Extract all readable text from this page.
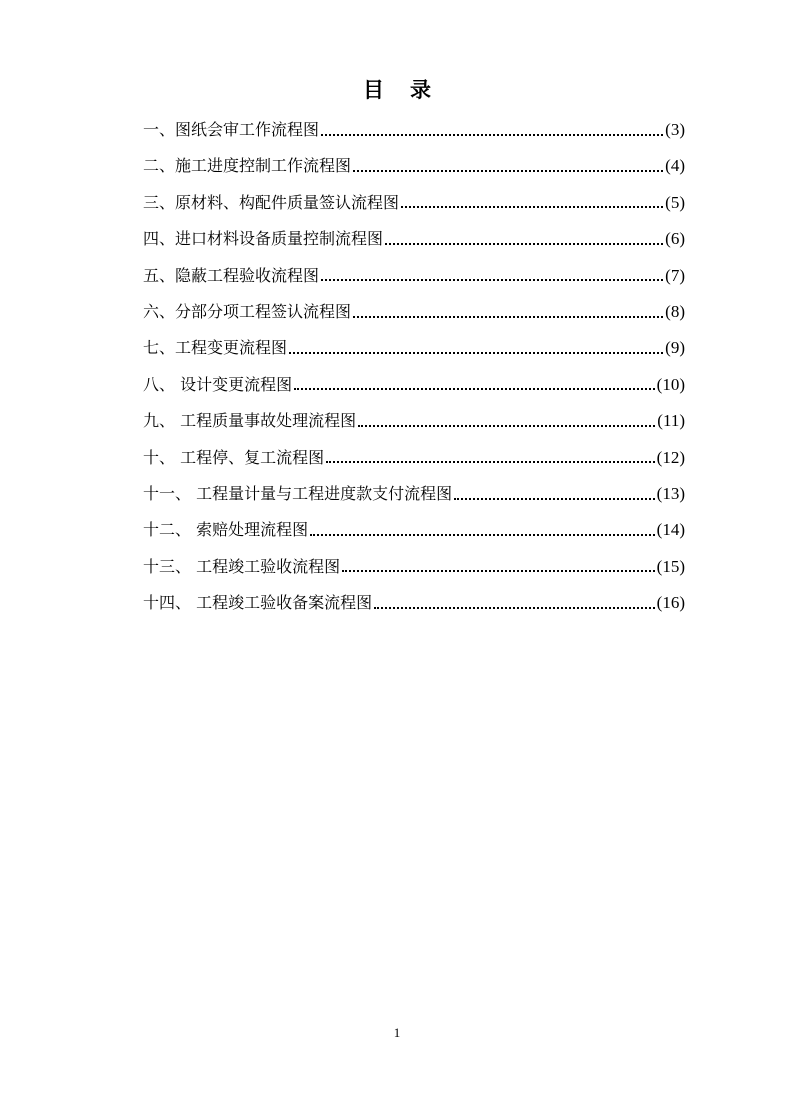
目录
一、图纸会审工作流程图	(3)
二、施工进度控制工作流程图	(4)
三、原材料、构配件质量签认流程图	(5)
四、进口材料设备质量控制流程图	(6)
五、隐蔽工程验收流程图	(7)
六、分部分项工程签认流程图	(8)
七、工程变更流程图	(9)
八、 设计变更流程图	(10)
九、 工程质量事故处理流程图	(11)
十、 工程停、复工流程图	(12)
十一、 工程量计量与工程进度款支付流程图	(13)
十二、 索赔处理流程图	(14)
十三、 工程竣工验收流程图	(15)
十四、 工程竣工验收备案流程图	(16)
1
